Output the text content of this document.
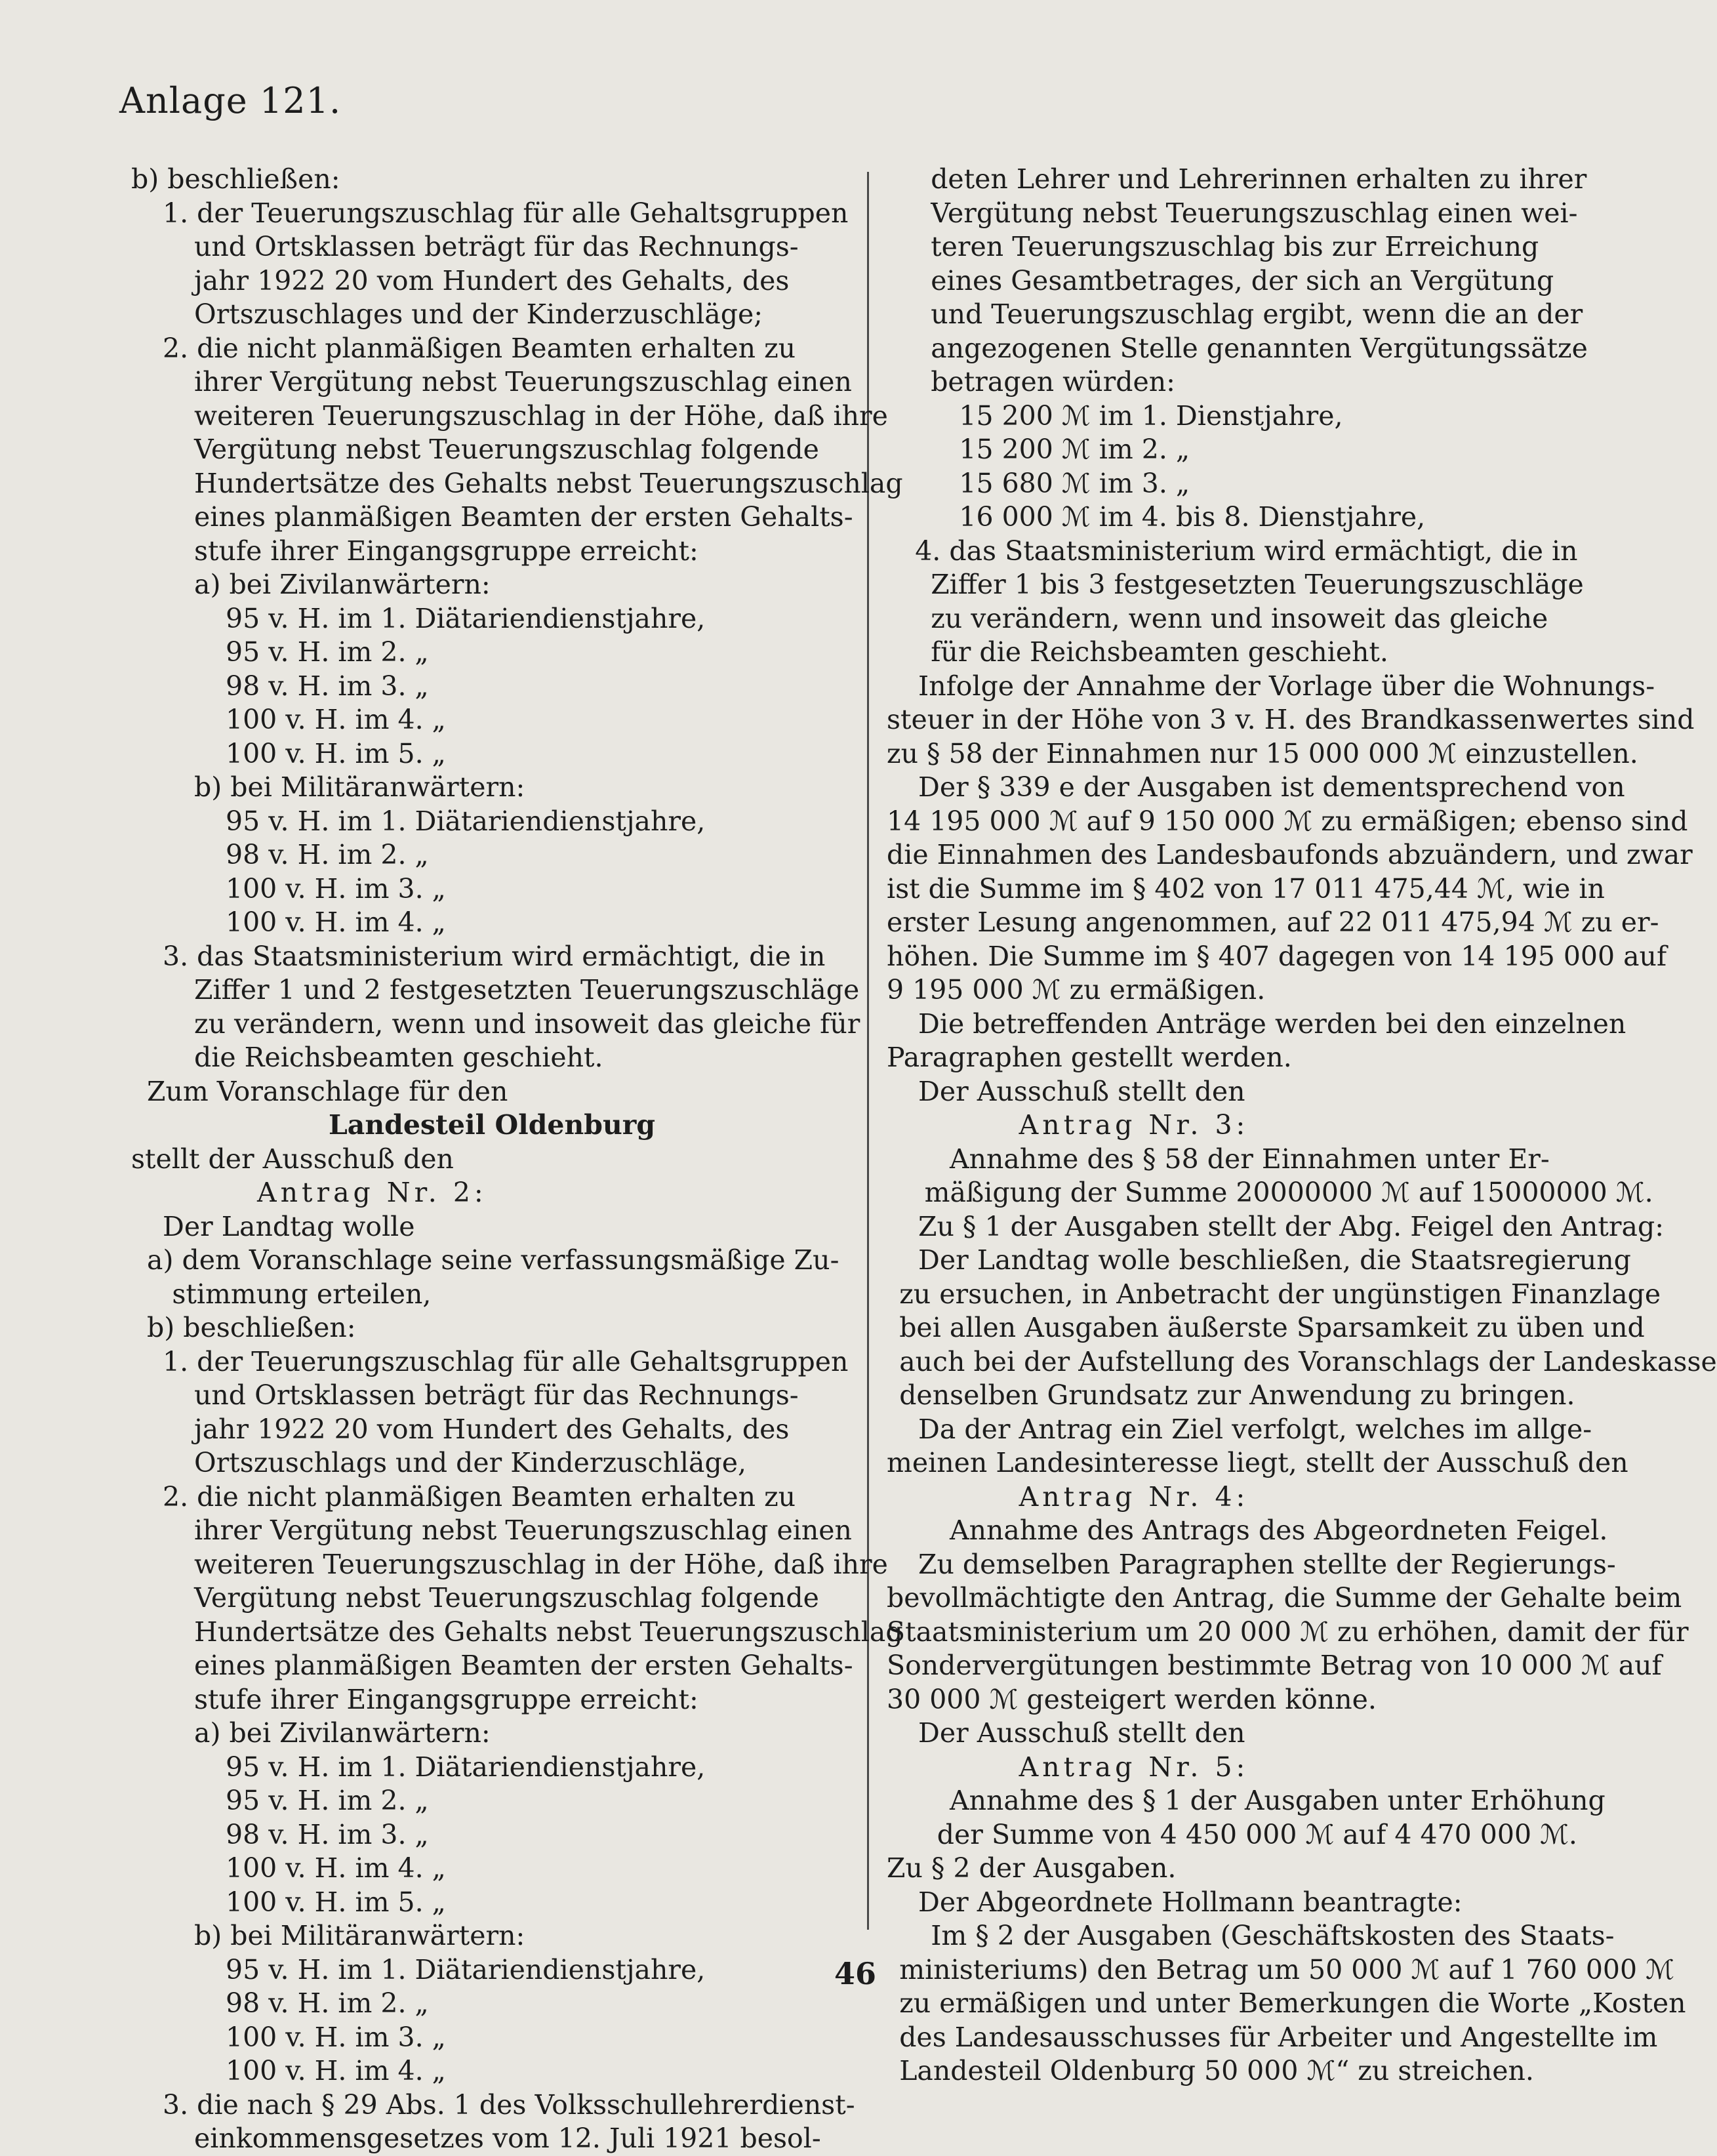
Anlage 121.
b) beschließen:
1. der Teuerungszuschlag für alle Gehaltsgruppen
und Ortsklassen beträgt für das Rechnungs-
jahr 1922 20 vom Hundert des Gehalts, des
Ortszuschlages und der Kinderzuschläge;
2. die nicht planmäßigen Beamten erhalten zu
ihrer Vergütung nebst Teuerungszuschlag einen
weiteren Teuerungszuschlag in der Höhe, daß ihre
Vergütung nebst Teuerungszuschlag folgende
Hundertsätze des Gehalts nebst Teuerungszuschlag
eines planmäßigen Beamten der ersten Gehalts-
stufe ihrer Eingangsgruppe erreicht:
a) bei Zivilanwärtern:
95 v. H. im 1. Diätariendienstjahre,
95 v. H. im 2. „
98 v. H. im 3. „
100 v. H. im 4. „
100 v. H. im 5. „
b) bei Militäranwärtern:
95 v. H. im 1. Diätariendienstjahre,
98 v. H. im 2. „
100 v. H. im 3. „
100 v. H. im 4. „
3. das Staatsministerium wird ermächtigt, die in
Ziffer 1 und 2 festgesetzten Teuerungszuschläge
zu verändern, wenn und insoweit das gleiche für
die Reichsbeamten geschieht.
Zum Voranschlage für den
Landesteil Oldenburg
stellt der Ausschuß den
Antrag Nr. 2:
Der Landtag wolle
a) dem Voranschlage seine verfassungsmäßige Zu-
stimmung erteilen,
b) beschließen:
1. der Teuerungszuschlag für alle Gehaltsgruppen
und Ortsklassen beträgt für das Rechnungs-
jahr 1922 20 vom Hundert des Gehalts, des
Ortszuschlags und der Kinderzuschläge,
2. die nicht planmäßigen Beamten erhalten zu
ihrer Vergütung nebst Teuerungszuschlag einen
weiteren Teuerungszuschlag in der Höhe, daß ihre
Vergütung nebst Teuerungszuschlag folgende
Hundertsätze des Gehalts nebst Teuerungszuschlag
eines planmäßigen Beamten der ersten Gehalts-
stufe ihrer Eingangsgruppe erreicht:
a) bei Zivilanwärtern:
95 v. H. im 1. Diätariendienstjahre,
95 v. H. im 2. „
98 v. H. im 3. „
100 v. H. im 4. „
100 v. H. im 5. „
b) bei Militäranwärtern:
95 v. H. im 1. Diätariendienstjahre,
98 v. H. im 2. „
100 v. H. im 3. „
100 v. H. im 4. „
3. die nach § 29 Abs. 1 des Volksschullehrerdienst-
einkommensgesetzes vom 12. Juli 1921 besol-
deten Lehrer und Lehrerinnen erhalten zu ihrer
Vergütung nebst Teuerungszuschlag einen wei-
teren Teuerungszuschlag bis zur Erreichung
eines Gesamtbetrages, der sich an Vergütung
und Teuerungszuschlag ergibt, wenn die an der
angezogenen Stelle genannten Vergütungssätze
betragen würden:
15 200 ℳ im 1. Dienstjahre,
15 200 ℳ im 2. „
15 680 ℳ im 3. „
16 000 ℳ im 4. bis 8. Dienstjahre,
4. das Staatsministerium wird ermächtigt, die in
Ziffer 1 bis 3 festgesetzten Teuerungszuschläge
zu verändern, wenn und insoweit das gleiche
für die Reichsbeamten geschieht.
Infolge der Annahme der Vorlage über die Wohnungs-
steuer in der Höhe von 3 v. H. des Brandkassenwertes sind
zu § 58 der Einnahmen nur 15 000 000 ℳ einzustellen.
Der § 339 e der Ausgaben ist dementsprechend von
14 195 000 ℳ auf 9 150 000 ℳ zu ermäßigen; ebenso sind
die Einnahmen des Landesbaufonds abzuändern, und zwar
ist die Summe im § 402 von 17 011 475,44 ℳ, wie in
erster Lesung angenommen, auf 22 011 475,94 ℳ zu er-
höhen. Die Summe im § 407 dagegen von 14 195 000 auf
9 195 000 ℳ zu ermäßigen.
Die betreffenden Anträge werden bei den einzelnen
Paragraphen gestellt werden.
Der Ausschuß stellt den
Antrag Nr. 3:
Annahme des § 58 der Einnahmen unter Er-
mäßigung der Summe 20000000 ℳ auf 15000000 ℳ.
Zu § 1 der Ausgaben stellt der Abg. Feigel den Antrag:
Der Landtag wolle beschließen, die Staatsregierung
zu ersuchen, in Anbetracht der ungünstigen Finanzlage
bei allen Ausgaben äußerste Sparsamkeit zu üben und
auch bei der Aufstellung des Voranschlags der Landeskasse
denselben Grundsatz zur Anwendung zu bringen.
Da der Antrag ein Ziel verfolgt, welches im allge-
meinen Landesinteresse liegt, stellt der Ausschuß den
Antrag Nr. 4:
Annahme des Antrags des Abgeordneten Feigel.
Zu demselben Paragraphen stellte der Regierungs-
bevollmächtigte den Antrag, die Summe der Gehalte beim
Staatsministerium um 20 000 ℳ zu erhöhen, damit der für
Sondervergütungen bestimmte Betrag von 10 000 ℳ auf
30 000 ℳ gesteigert werden könne.
Der Ausschuß stellt den
Antrag Nr. 5:
Annahme des § 1 der Ausgaben unter Erhöhung
der Summe von 4 450 000 ℳ auf 4 470 000 ℳ.
Zu § 2 der Ausgaben.
Der Abgeordnete Hollmann beantragte:
Im § 2 der Ausgaben (Geschäftskosten des Staats-
ministeriums) den Betrag um 50 000 ℳ auf 1 760 000 ℳ
zu ermäßigen und unter Bemerkungen die Worte „Kosten
des Landesausschusses für Arbeiter und Angestellte im
Landesteil Oldenburg 50 000 ℳ“ zu streichen.
46
